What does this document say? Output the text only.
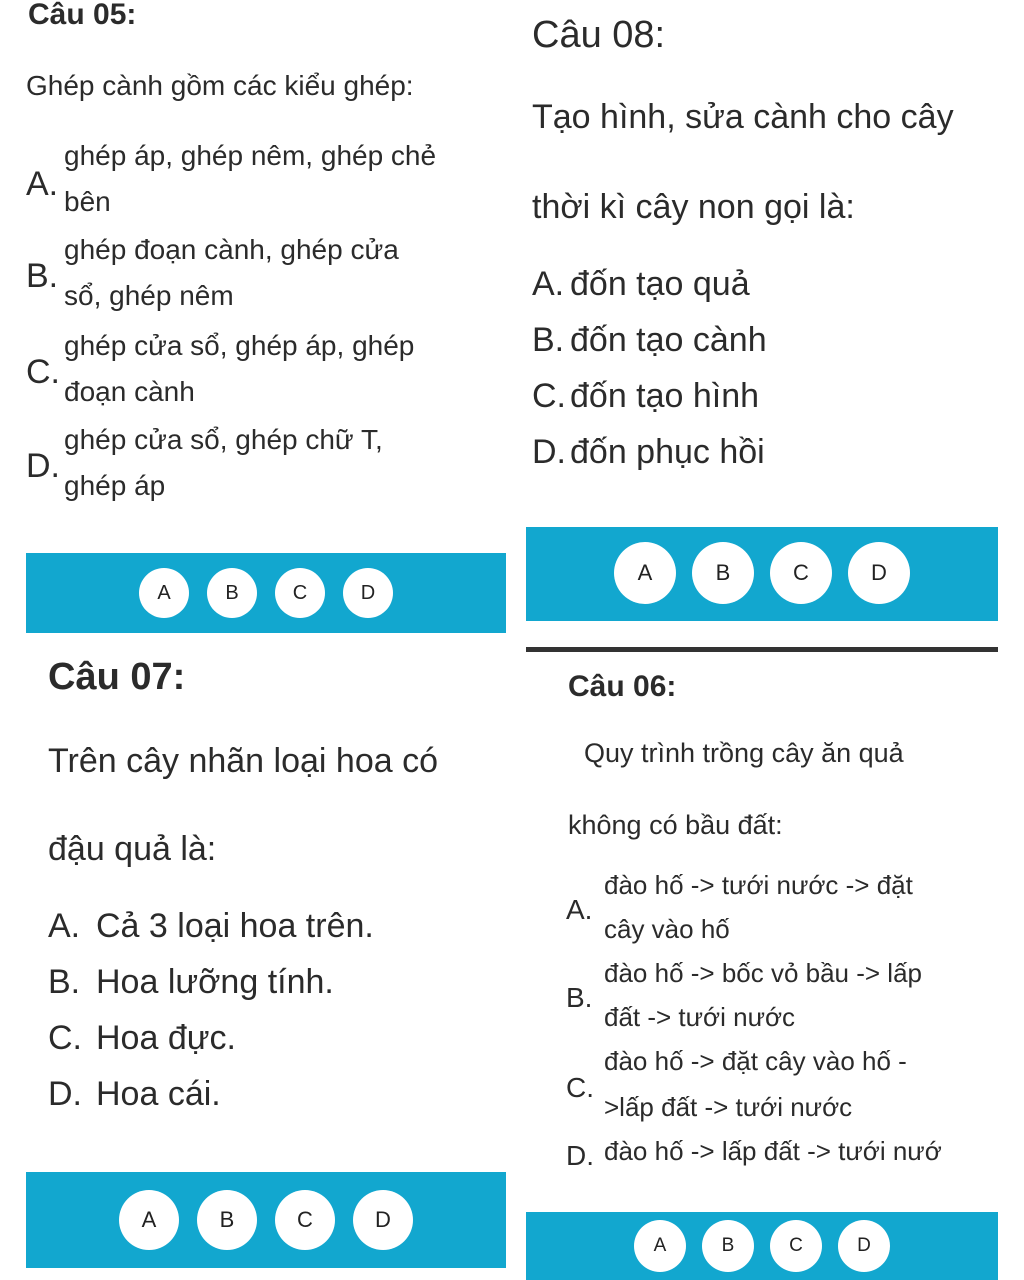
Câu 05:
Ghép cành gồm các kiểu ghép:
A.
ghép áp, ghép nêm, ghép chẻ
bên
B.
ghép đoạn cành, ghép cửa
sổ, ghép nêm
C.
ghép cửa sổ, ghép áp, ghép
đoạn cành
D.
ghép cửa sổ, ghép chữ T,
ghép áp
A	B	C	D
Câu 08:
Tạo hình, sửa cành cho cây
thời kì cây non gọi là:
A. đốn tạo quả
B. đốn tạo cành
C. đốn tạo hình
D. đốn phục hồi
A	B	C	D
Câu 07:
Trên cây nhãn loại hoa có
đậu quả là:
A. Cả 3 loại hoa trên.
B. Hoa lưỡng tính.
C. Hoa đực.
D. Hoa cái.
A	B	C	D
Câu 06:
Quy trình trồng cây ăn quả
không có bầu đất:
A.
đào hố -> tưới nước -> đặt
cây vào hố
B.
đào hố -> bốc vỏ bầu -> lấp
đất -> tưới nước
C.
đào hố -> đặt cây vào hố -
>lấp đất -> tưới nước
D. đào hố -> lấp đất -> tưới nướ
A	B	C	D
